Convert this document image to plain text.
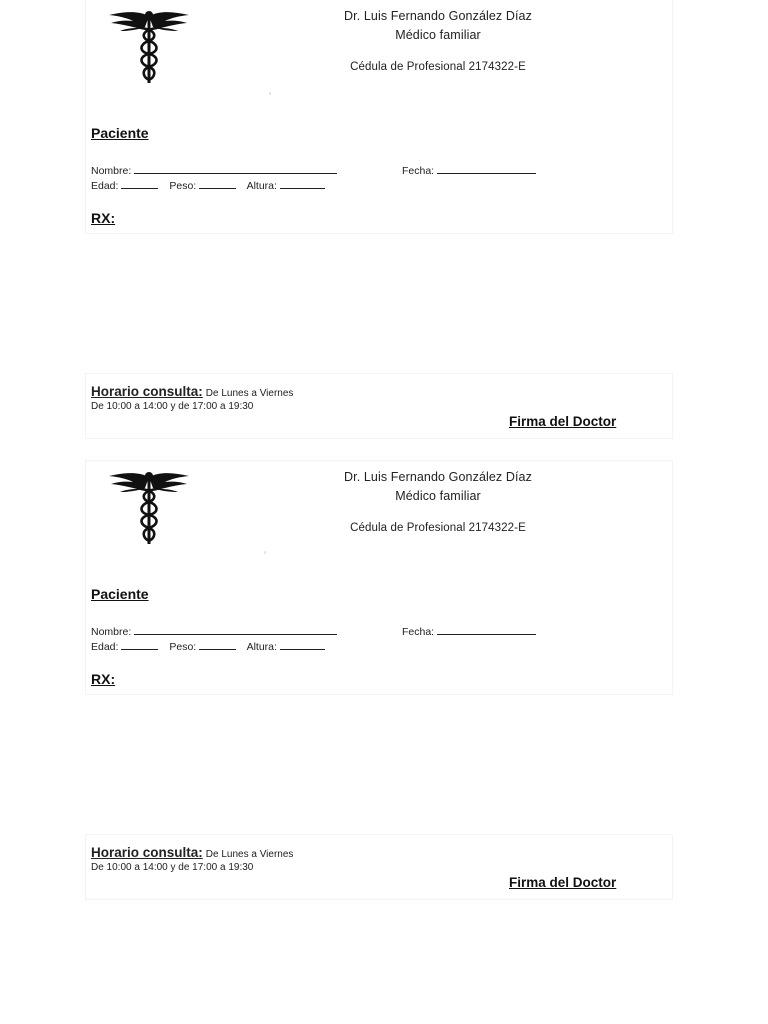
Dr. Luis Fernando González Díaz
Médico familiar
Cédula de Profesional 2174322-E
Paciente
Nombre:	Fecha:
Edad:	Peso:	Altura:
RX:
Horario consulta: De Lunes a Viernes
De 10:00 a 14:00 y de 17:00 a 19:30
Firma del Doctor
Dr. Luis Fernando González Díaz
Médico familiar
Cédula de Profesional 2174322-E
Paciente
Nombre:	Fecha:
Edad:	Peso:	Altura:
RX:
Horario consulta: De Lunes a Viernes
De 10:00 a 14:00 y de 17:00 a 19:30
Firma del Doctor
